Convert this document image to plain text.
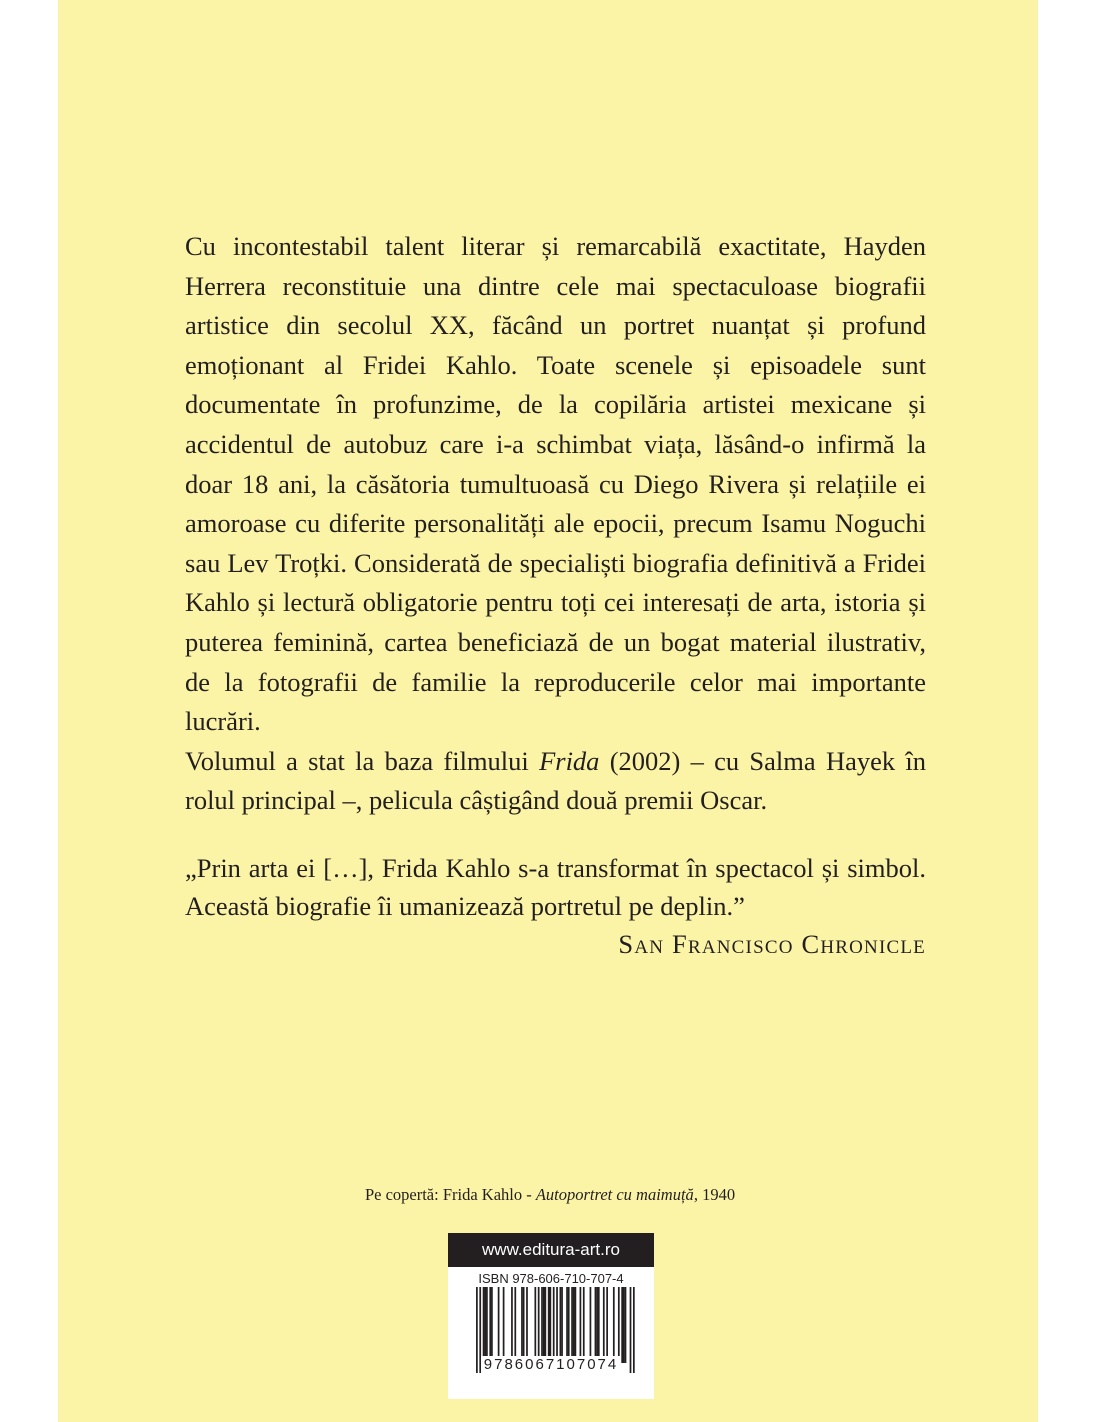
Cu incontestabil talent literar și remarcabilă exactitate, Hayden Herrera reconstituie una dintre cele mai spectaculoase biografii artistice din secolul XX, făcând un portret nuanțat și profund emoționant al Fridei Kahlo. Toate scenele și episoadele sunt documentate în profunzime, de la copilăria artistei mexicane și accidentul de autobuz care i-a schimbat viața, lăsând-o infirmă la doar 18 ani, la căsătoria tumultuoasă cu Diego Rivera și relațiile ei amoroase cu diferite personalități ale epocii, precum Isamu Noguchi sau Lev Troțki. Considerată de specialiști biografia definitivă a Fridei Kahlo și lectură obligatorie pentru toți cei interesați de arta, istoria și puterea feminină, cartea beneficiază de un bogat material ilustrativ, de la fotografii de familie la reproducerile celor mai importante lucrări.

Volumul a stat la baza filmului Frida (2002) – cu Salma Hayek în rolul principal –, pelicula câștigând două premii Oscar.

„Prin arta ei […], Frida Kahlo s-a transformat în spectacol și simbol. Această biografie îi umanizează portretul pe deplin.”

San Francisco Chronicle
Pe copertă: Frida Kahlo - Autoportret cu maimuță, 1940
www.editura-art.ro
ISBN 978-606-710-707-4
9786067107074
